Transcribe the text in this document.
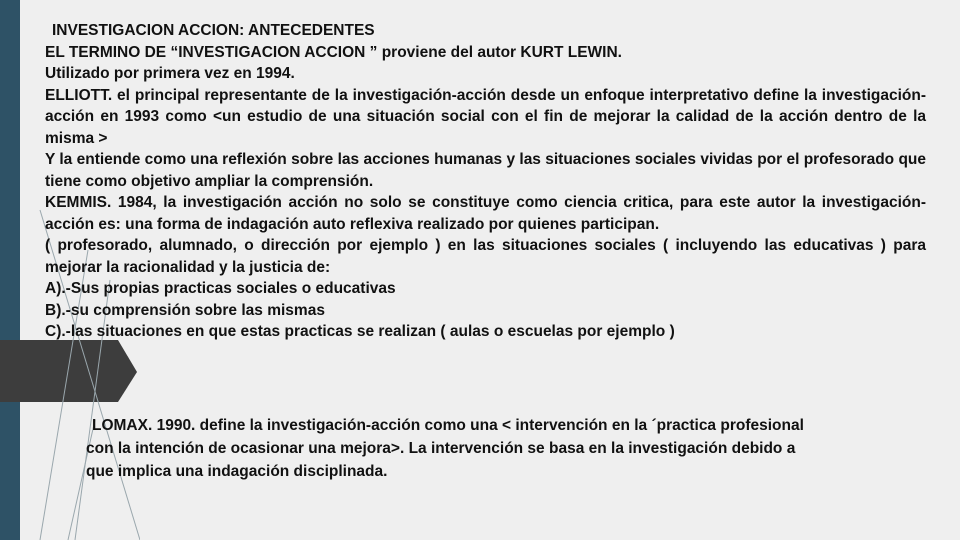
INVESTIGACION ACCION: ANTECEDENTES

EL TERMINO DE “INVESTIGACION ACCION ” proviene del autor KURT LEWIN.

Utilizado por primera vez en 1994.

ELLIOTT. el principal representante de la investigación-acción desde un enfoque interpretativo define la investigación-acción en 1993 como <un estudio de una situación social con el fin de mejorar la calidad de la acción dentro de la misma >

Y la entiende como una reflexión sobre las acciones humanas y las situaciones sociales vividas por el profesorado que tiene como objetivo ampliar la comprensión.

KEMMIS. 1984, la investigación acción no solo se constituye como ciencia critica, para este autor la investigación-acción es: una forma de indagación auto reflexiva realizado por quienes participan.

( profesorado, alumnado, o dirección por ejemplo ) en las situaciones sociales ( incluyendo las educativas ) para mejorar la racionalidad y la justicia de:

A).-Sus propias practicas sociales o educativas

B).-su comprensión sobre las mismas

C).-las situaciones en que estas practicas se realizan ( aulas o escuelas por ejemplo )

LOMAX. 1990. define la investigación-acción como una < intervención en la ´practica profesional con la intención de ocasionar una mejora>. La intervención se basa en la investigación debido a que implica una indagación disciplinada.
